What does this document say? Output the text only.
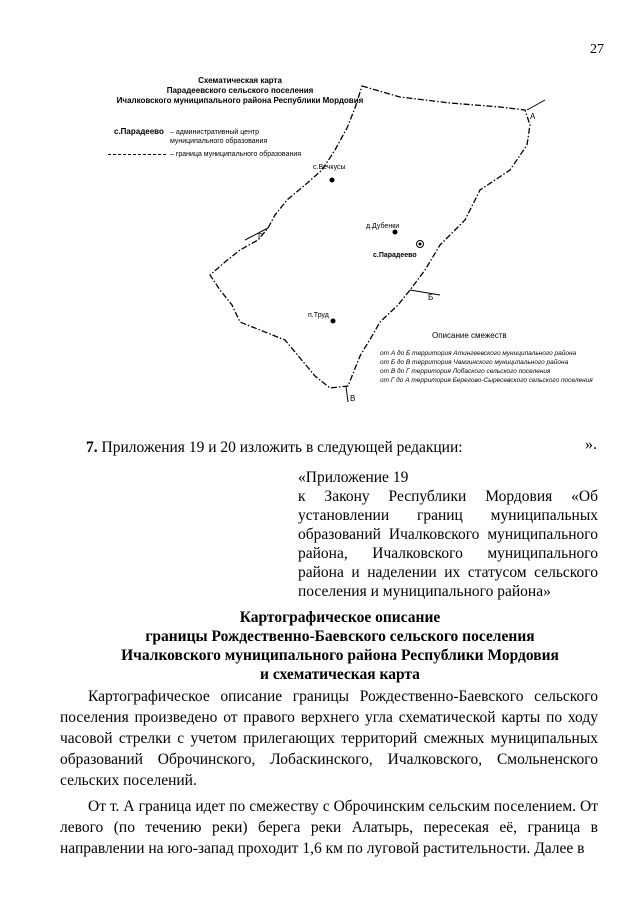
27
Схематическая карта
Парадеевского сельского поселения
Ичалковского муниципального района Республики Мордовия
с.Парадеево – административный центр
муниципального образования
– граница муниципального образования
с.Вечкусы
д.Дубенки
с.Парадеево
п.Труд
А
Б
В
Г
Описание смежеств
от А до Б территория Атингеевского муниципального района
от Б до В территория Чамзинского муниципального района
от В до Г территория Лобаского сельского поселения
от Г до А территория Берегово-Сыресевского сельского поселения
».
7. Приложения 19 и 20 изложить в следующей редакции:
«Приложение 19
к Закону Республики Мордовия «Об установлении границ муниципальных образований Ичалковского муниципального района, Ичалковского муниципального района и наделении их статусом сельского поселения и муниципального района»
Картографическое описание
границы Рождественно-Баевского сельского поселения
Ичалковского муниципального района Республики Мордовия
и схематическая карта
Картографическое описание границы Рождественно-Баевского сельского поселения произведено от правого верхнего угла схематической карты по ходу часовой стрелки с учетом прилегающих территорий смежных муниципальных образований Оброчинского, Лобаскинского, Ичалковского, Смольненского сельских поселений.
От т. А граница идет по смежеству с Оброчинским сельским поселением. От левого (по течению реки) берега реки Алатырь, пересекая её, граница в направлении на юго-запад проходит 1,6 км по луговой растительности. Далее в
